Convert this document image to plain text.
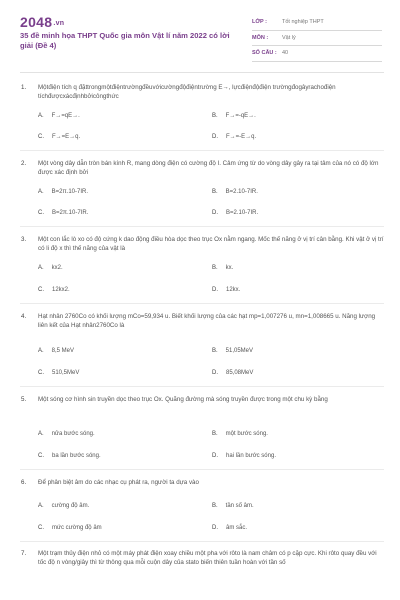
2048.vn
35 đề minh họa THPT Quốc gia môn Vật lí năm 2022 có lời giải (Đề 4)
LỚP :	Tốt nghiệp THPT
MÔN :	Vật lý
SỐ CÂU : 40
1. Mộtđiện tích q đặttrongmộtđiệntrườngđềuvớicườngđộđiệntrường E→, lựcđiệnđộđiện trườngđogâyrachođiện tíchđượcxácđịnhbởicôngthức
A. F→=qE→.	B. F→=-qE→.
C. F→=E→q.	D. F→=-E→q.
2. Một vòng dây dẫn tròn bán kính R, mang dòng điện có cường độ I. Cảm ứng từ do vòng dây gây ra tại tâm của nó có độ lớn được xác định bởi
A. B=2π.10-7IR.	B. B=2.10-7IR.
C. B=2π.10-7IR.	D. B=2.10-7IR.
3. Một con lắc lò xo có độ cứng k dao động điều hòa dọc theo trục Ox nằm ngang. Mốc thế năng ở vị trí cân bằng. Khi vật ở vị trí có li độ x thì thế năng của vật là
A. kx2.	B. kx.
C. 12kx2.	D. 12kx.
4. Hạt nhân 2760Co có khối lượng mCo=59,934 u. Biết khối lượng của các hạt mp=1,007276 u, mn=1,008665 u. Năng lượng liên kết của Hạt nhân2760Co là
A. 8,5 MeV	B. 51,05MeV
C. 510,5MeV	D. 85,08MeV
5. Một sóng cơ hình sin truyền dọc theo trục Ox. Quãng đường mà sóng truyền được trong một chu kỳ bằng
A. nửa bước sóng.	B. một bước sóng.
C. ba lần bước sóng.	D. hai lần bước sóng.
6. Để phân biệt âm do các nhạc cụ phát ra, người ta dựa vào
A. cường độ âm.	B. tần số âm.
C. mức cường độ âm	D. âm sắc.
7. Một trạm thủy điện nhỏ có một máy phát điện xoay chiều một pha với rôto là nam châm có p cặp cực. Khi rôto quay đều với tốc độ n vòng/giây thì từ thông qua mỗi cuộn dây của stato biến thiên tuần hoàn với tần số
